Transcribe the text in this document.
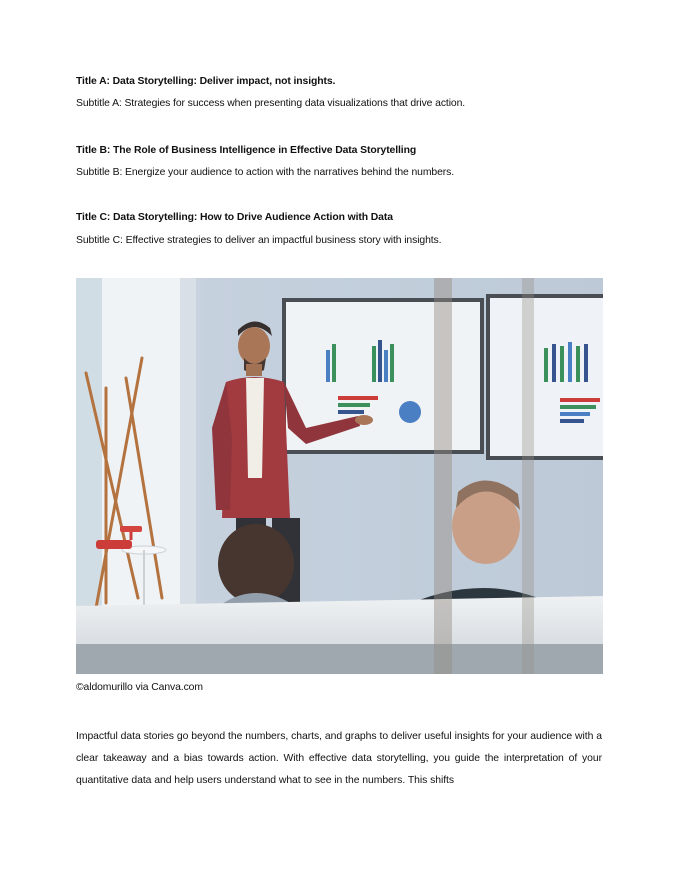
Title A: Data Storytelling: Deliver impact, not insights.
Subtitle A: Strategies for success when presenting data visualizations that drive action.
Title B: The Role of Business Intelligence in Effective Data Storytelling
Subtitle B: Energize your audience to action with the narratives behind the numbers.
Title C: Data Storytelling: How to Drive Audience Action with Data
Subtitle C: Effective strategies to deliver an impactful business story with insights.
©aldomurillo via Canva.com
Impactful data stories go beyond the numbers, charts, and graphs to deliver useful insights for your audience with a clear takeaway and a bias towards action. With effective data storytelling, you guide the interpretation of your quantitative data and help users understand what to see in the numbers. This shifts
